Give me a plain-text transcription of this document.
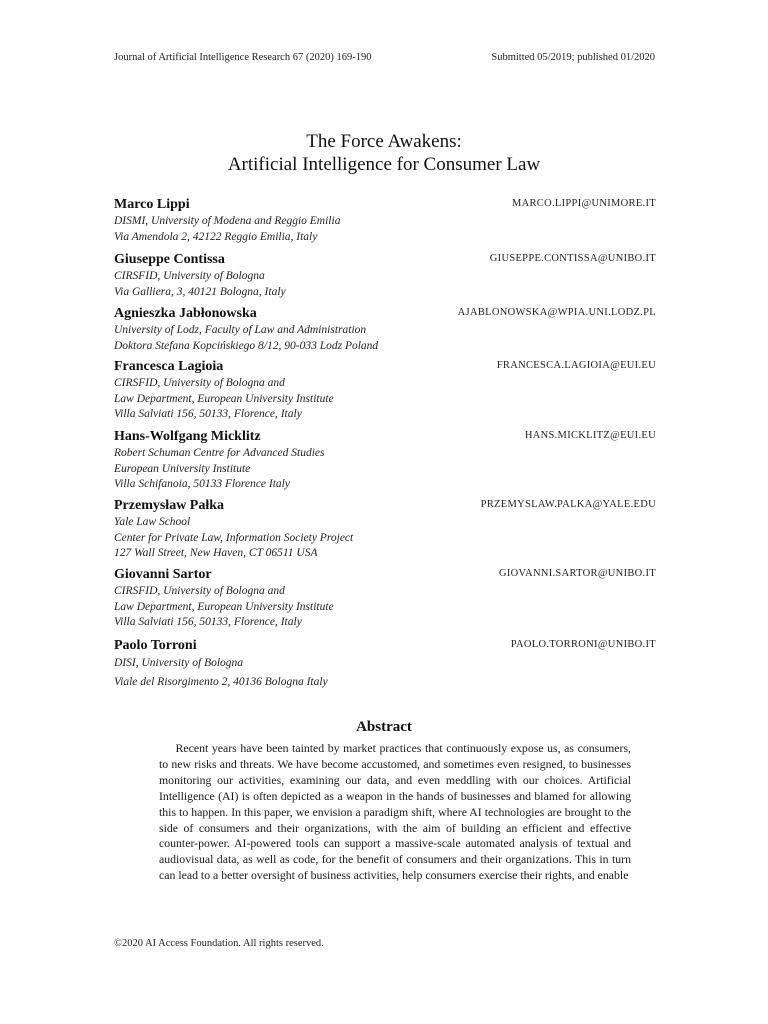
Journal of Artificial Intelligence Research 67 (2020) 169-190	Submitted 05/2019; published 01/2020
The Force Awakens:
Artificial Intelligence for Consumer Law
Marco Lippi	MARCO.LIPPI@UNIMORE.IT
DISMI, University of Modena and Reggio Emilia
Via Amendola 2, 42122 Reggio Emilia, Italy
Giuseppe Contissa	GIUSEPPE.CONTISSA@UNIBO.IT
CIRSFID, University of Bologna
Via Galliera, 3, 40121 Bologna, Italy
Agnieszka Jabłonowska	AJABLONOWSKA@WPIA.UNI.LODZ.PL
University of Lodz, Faculty of Law and Administration
Doktora Stefana Kopcińskiego 8/12, 90-033 Lodz Poland
Francesca Lagioia	FRANCESCA.LAGIOIA@EUI.EU
CIRSFID, University of Bologna and
Law Department, European University Institute
Villa Salviati 156, 50133, Florence, Italy
Hans-Wolfgang Micklitz	HANS.MICKLITZ@EUI.EU
Robert Schuman Centre for Advanced Studies
European University Institute
Villa Schifanoia, 50133 Florence Italy
Przemysław Pałka	PRZEMYSLAW.PALKA@YALE.EDU
Yale Law School
Center for Private Law, Information Society Project
127 Wall Street, New Haven, CT 06511 USA
Giovanni Sartor	GIOVANNI.SARTOR@UNIBO.IT
CIRSFID, University of Bologna and
Law Department, European University Institute
Villa Salviati 156, 50133, Florence, Italy
Paolo Torroni	PAOLO.TORRONI@UNIBO.IT
DISI, University of Bologna
Viale del Risorgimento 2, 40136 Bologna Italy
Abstract
Recent years have been tainted by market practices that continuously expose us, as consumers, to new risks and threats. We have become accustomed, and sometimes even resigned, to businesses monitoring our activities, examining our data, and even meddling with our choices. Artificial Intelligence (AI) is often depicted as a weapon in the hands of businesses and blamed for allowing this to happen. In this paper, we envision a paradigm shift, where AI technologies are brought to the side of consumers and their organizations, with the aim of building an efficient and effective counter-power. AI-powered tools can support a massive-scale automated analysis of textual and audiovisual data, as well as code, for the benefit of consumers and their organizations. This in turn can lead to a better oversight of business activities, help consumers exercise their rights, and enable
©2020 AI Access Foundation. All rights reserved.
